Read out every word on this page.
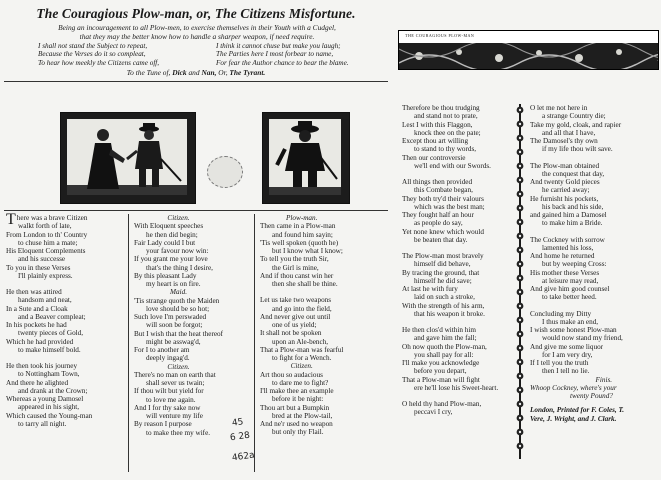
The Couragious Plow-man, or, The Citizens Misfortune.
Being an incouragement to all Plow-men, to exercise themselves in their Youth with a Cudgel,
that they may the better know how to handle a sharper weapon, if need require.
I shall not stand the Subject to repeat,
Because the Verses do it so compleat,
To hear how meekly the Citizens came off,
I think it cannot chuse but make you laugh;
The Parties here I most forbear to name,
For fear the Author chance to bear the blame.
To the Tune of, Dick and Nan, Or, The Tyrant.
T here was a brave Citizen
walkt forth of late,
From London to th' Country
to chuse him a mate;
His Eloquent Complements
and his successe
To you in these Verses
I'll plainly express.
He then was attired
handsom and neat,
In a Sute and a Cloak
and a Beaver compleat;
In his pockets he had
twenty pieces of Gold,
Which he had provided
to make himself bold.
He then took his journey
to Nottingham Town,
And there he alighted
and drank at the Crown;
Whereas a young Damosel
appeared in his sight,
Which caused the Young-man
to tarry all night.
Citizen.
With Eloquent speeches
he then did begin;
Fair Lady could I but
your favour now win:
If you grant me your love
that's the thing I desire,
By this pleasant Lady
my heart is on fire.
Maid.
'Tis strange quoth the Maiden
love should be so hot;
Such love I'm perswaded
will soon be forgot;
But I wish that the heat thereof
might be asswag'd,
For I to another am
deeply ingag'd.
Citizen.
There's no man on earth that
shall sever us twain;
If thou wilt but yield for
to love me again.
And I for thy sake now
will venture my life
By reason I purpose
to make thee my wife.
Plow-man.
Then came in a Plow-man
and found him sayin;
'Tis well spoken (quoth he)
but I know what I know;
To tell you the truth Sir,
the Girl is mine,
And if thou canst win her
then she shall be thine.
Let us take two weapons
and go into the field,
And never give out until
one of us yield;
It shall not be spoken
upon an Ale-bench,
That a Plow-man was fearful
to fight for a Wench.
Citizen.
Art thou so audacious
to dare me to fight?
I'll make thee an example
before it be night:
Thou art but a Bumpkin
bred at the Plow-tail,
And ne'r used no weapon
but only thy Flail.
45
6 28
462a
THE COURAGIOUS PLOW-MAN
Therefore be thou trudging
and stand not to prate,
Lest I with this Flaggon,
knock thee on the pate;
Except thou art willing
to stand to thy words,
Then our controversie
we'll end with our Swords.
All things then provided
this Combate began,
They both try'd their valours
which was the best man;
They fought half an hour
as people do say,
Yet none knew which would
be beaten that day.
The Plow-man most bravely
himself did behave,
By tracing the ground, that
himself he did save;
At last he with fury
laid on such a stroke,
With the strength of his arm,
that his weapon it broke.
He then clos'd within him
and gave him the fall;
Oh now quoth the Plow-man,
you shall pay for all:
I'll make you acknowledge
before you depart,
That a Plow-man will fight
ere he'll lose his Sweet-heart.
O held thy hand Plow-man,
peccavi I cry,
O let me not here in
a strange Country die;
Take my gold, cloak, and rapier
and all that I have,
The Damosel's thy own
if my life thou wilt save.
The Plow-man obtained
the conquest that day,
And twenty Gold pieces
he carried away;
He furnisht his pockets,
his back and his side,
and gained him a Damosel
to make him a Bride.
The Cockney with sorrow
lamented his loss,
And home he returned
but by weeping Cross:
His mother these Verses
at leisure may read,
And give him good counsel
to take better heed.
Concluding my Ditty
I thus make an end,
I wish some honest Plow-man
would now stand my friend,
And give me some liquor
for I am very dry,
If I tell you the truth
then I tell no lie.
Finis.
Whoop Cockney, where's your
twenty Pound?
London, Printed for F. Coles, T.
Vere, J. Wright, and J. Clark.
